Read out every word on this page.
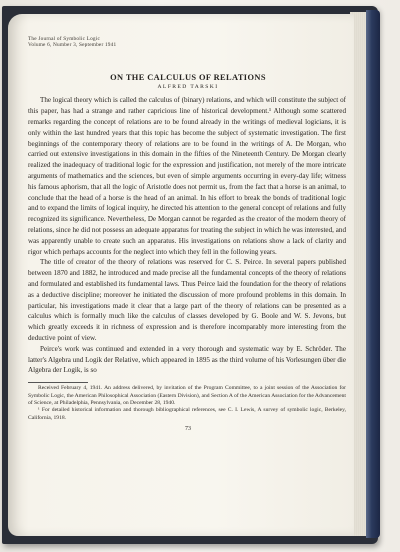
The Journal of Symbolic Logic
Volume 6, Number 3, September 1941
ON THE CALCULUS OF RELATIONS
ALFRED TARSKI

The logical theory which is called the calculus of (binary) relations, and which will constitute the subject of this paper, has had a strange and rather capricious line of historical development.¹ Although some scattered remarks regarding the concept of relations are to be found already in the writings of medieval logicians, it is only within the last hundred years that this topic has become the subject of systematic investigation. The first beginnings of the contemporary theory of relations are to be found in the writings of A. De Morgan, who carried out extensive investigations in this domain in the fifties of the Nineteenth Century. De Morgan clearly realized the inadequacy of traditional logic for the expression and justification, not merely of the more intricate arguments of mathematics and the sciences, but even of simple arguments occurring in every-day life; witness his famous aphorism, that all the logic of Aristotle does not permit us, from the fact that a horse is an animal, to conclude that the head of a horse is the head of an animal. In his effort to break the bonds of traditional logic and to expand the limits of logical inquiry, he directed his attention to the general concept of relations and fully recognized its significance. Nevertheless, De Morgan cannot be regarded as the creator of the modern theory of relations, since he did not possess an adequate apparatus for treating the subject in which he was interested, and was apparently unable to create such an apparatus. His investigations on relations show a lack of clarity and rigor which perhaps accounts for the neglect into which they fell in the following years.

The title of creator of the theory of relations was reserved for C. S. Peirce. In several papers published between 1870 and 1882, he introduced and made precise all the fundamental concepts of the theory of relations and formulated and established its fundamental laws. Thus Peirce laid the foundation for the theory of relations as a deductive discipline; moreover he initiated the discussion of more profound problems in this domain. In particular, his investigations made it clear that a large part of the theory of relations can be presented as a calculus which is formally much like the calculus of classes developed by G. Boole and W. S. Jevons, but which greatly exceeds it in richness of expression and is therefore incomparably more interesting from the deductive point of view.

Peirce's work was continued and extended in a very thorough and systematic way by E. Schröder. The latter's Algebra und Logik der Relative, which appeared in 1895 as the third volume of his Vorlesungen über die Algebra der Logik, is so

Received February 4, 1941. An address delivered, by invitation of the Program Committee, to a joint session of the Association for Symbolic Logic, the American Philosophical Association (Eastern Division), and Section A of the American Association for the Advancement of Science, at Philadelphia, Pennsylvania, on December 28, 1940.

¹ For detailed historical information and thorough bibliographical references, see C. I. Lewis, A survey of symbolic logic, Berkeley, California, 1918.

73
